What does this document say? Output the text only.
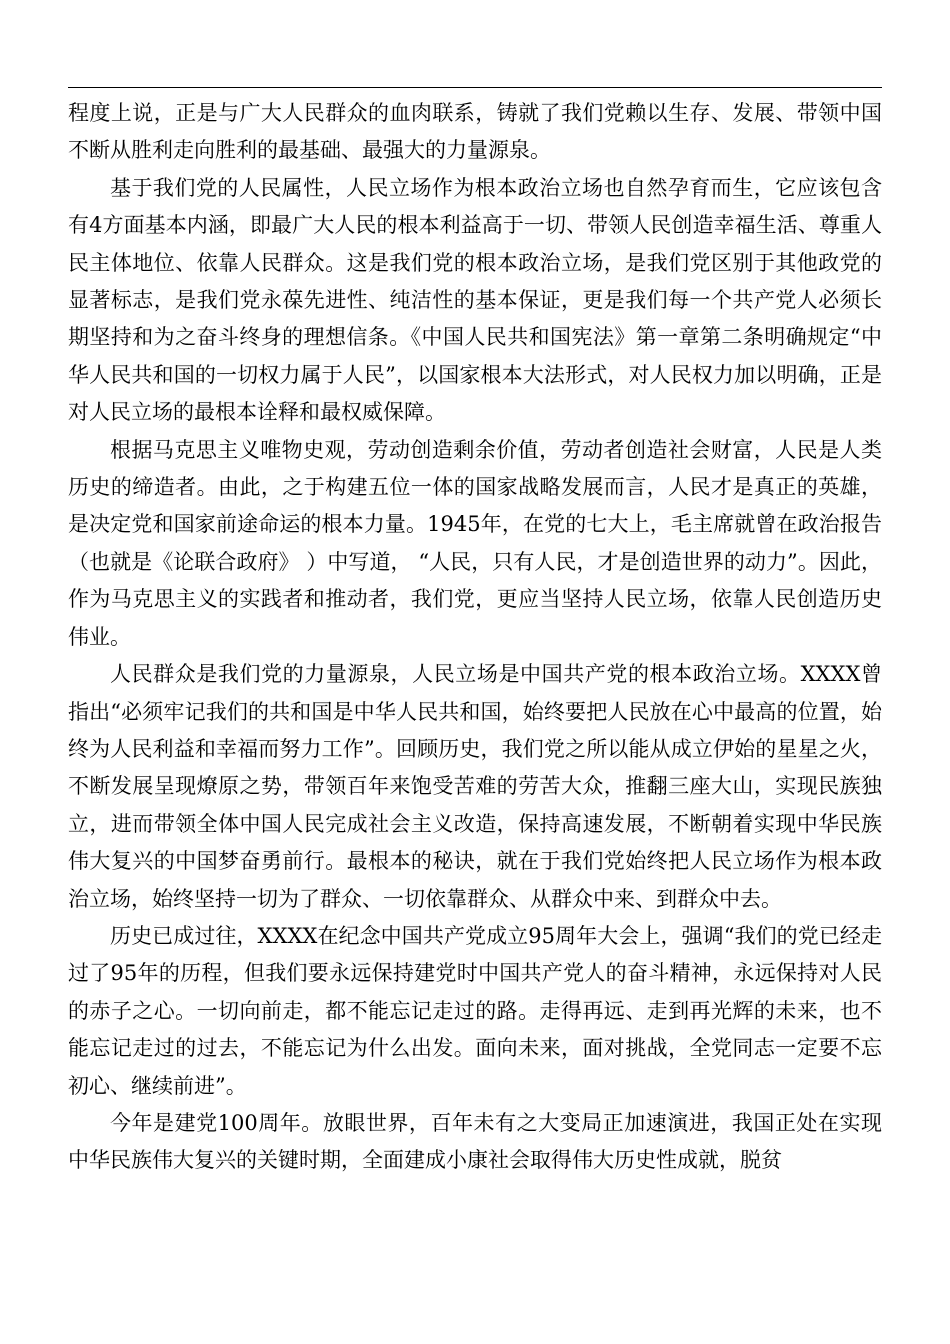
程度上说，正是与广大人民群众的血肉联系，铸就了我们党赖以生存、发展、带领中国不断从胜利走向胜利的最基础、最强大的力量源泉。

基于我们党的人民属性，人民立场作为根本政治立场也自然孕育而生，它应该包含有4方面基本内涵，即最广大人民的根本利益高于一切、带领人民创造幸福生活、尊重人民主体地位、依靠人民群众。这是我们党的根本政治立场，是我们党区别于其他政党的显著标志，是我们党永葆先进性、纯洁性的基本保证，更是我们每一个共产党人必须长期坚持和为之奋斗终身的理想信条。《中国人民共和国宪法》第一章第二条明确规定“中华人民共和国的一切权力属于人民”，以国家根本大法形式，对人民权力加以明确，正是对人民立场的最根本诠释和最权威保障。

根据马克思主义唯物史观，劳动创造剩余价值，劳动者创造社会财富，人民是人类历史的缔造者。由此，之于构建五位一体的国家战略发展而言，人民才是真正的英雄，是决定党和国家前途命运的根本力量。1945年，在党的七大上，毛主席就曾在政治报告（也就是《论联合政府》 ）中写道， “人民，只有人民，才是创造世界的动力”。因此，作为马克思主义的实践者和推动者，我们党，更应当坚持人民立场，依靠人民创造历史伟业。

人民群众是我们党的力量源泉，人民立场是中国共产党的根本政治立场。XXXX曾指出“必须牢记我们的共和国是中华人民共和国，始终要把人民放在心中最高的位置，始终为人民利益和幸福而努力工作”。回顾历史，我们党之所以能从成立伊始的星星之火，不断发展呈现燎原之势，带领百年来饱受苦难的劳苦大众，推翻三座大山，实现民族独立，进而带领全体中国人民完成社会主义改造，保持高速发展，不断朝着实现中华民族伟大复兴的中国梦奋勇前行。最根本的秘诀，就在于我们党始终把人民立场作为根本政治立场，始终坚持一切为了群众、一切依靠群众、从群众中来、到群众中去。

历史已成过往，XXXX在纪念中国共产党成立95周年大会上，强调“我们的党已经走过了95年的历程，但我们要永远保持建党时中国共产党人的奋斗精神，永远保持对人民的赤子之心。一切向前走，都不能忘记走过的路。走得再远、走到再光辉的未来，也不能忘记走过的过去，不能忘记为什么出发。面向未来，面对挑战，全党同志一定要不忘初心、继续前进”。

今年是建党100周年。放眼世界，百年未有之大变局正加速演进，我国正处在实现中华民族伟大复兴的关键时期，全面建成小康社会取得伟大历史性成就，脱贫
